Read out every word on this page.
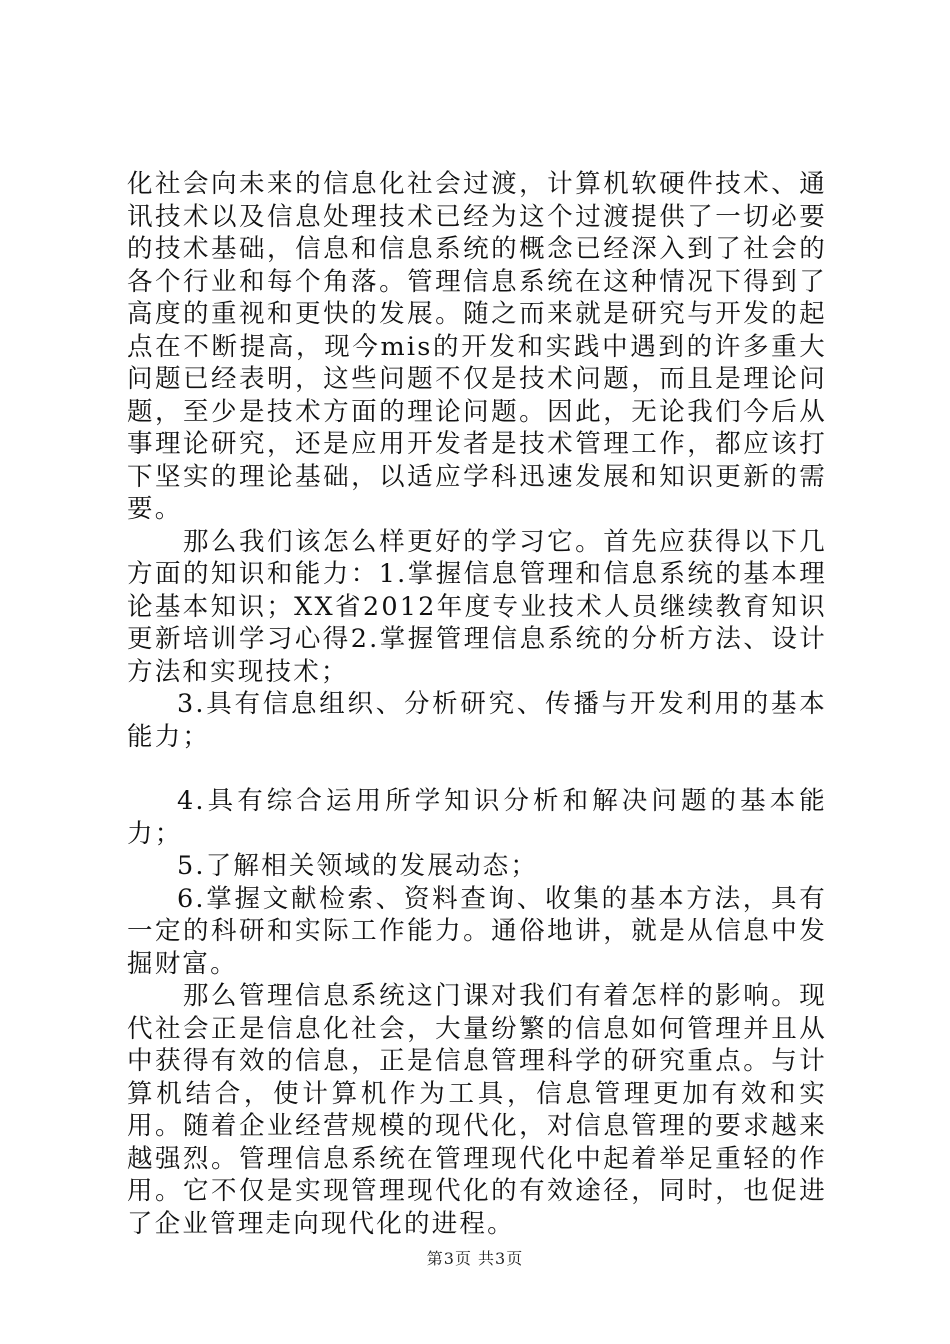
化社会向未来的信息化社会过渡，计算机软硬件技术、通讯技术以及信息处理技术已经为这个过渡提供了一切必要的技术基础，信息和信息系统的概念已经深入到了社会的各个行业和每个角落。管理信息系统在这种情况下得到了高度的重视和更快的发展。随之而来就是研究与开发的起点在不断提高，现今mis的开发和实践中遇到的许多重大问题已经表明，这些问题不仅是技术问题，而且是理论问题，至少是技术方面的理论问题。因此，无论我们今后从事理论研究，还是应用开发者是技术管理工作，都应该打下坚实的理论基础，以适应学科迅速发展和知识更新的需要。

那么我们该怎么样更好的学习它。首先应获得以下几方面的知识和能力：1.掌握信息管理和信息系统的基本理论基本知识；XX省2012年度专业技术人员继续教育知识更新培训学习心得2.掌握管理信息系统的分析方法、设计方法和实现技术；

3.具有信息组织、分析研究、传播与开发利用的基本能力；

4.具有综合运用所学知识分析和解决问题的基本能力；

5.了解相关领域的发展动态；

6.掌握文献检索、资料查询、收集的基本方法，具有一定的科研和实际工作能力。通俗地讲，就是从信息中发掘财富。

那么管理信息系统这门课对我们有着怎样的影响。现代社会正是信息化社会，大量纷繁的信息如何管理并且从中获得有效的信息，正是信息管理科学的研究重点。与计算机结合，使计算机作为工具，信息管理更加有效和实用。随着企业经营规模的现代化，对信息管理的要求越来越强烈。管理信息系统在管理现代化中起着举足重轻的作用。它不仅是实现管理现代化的有效途径，同时，也促进了企业管理走向现代化的进程。

第3页 共3页
